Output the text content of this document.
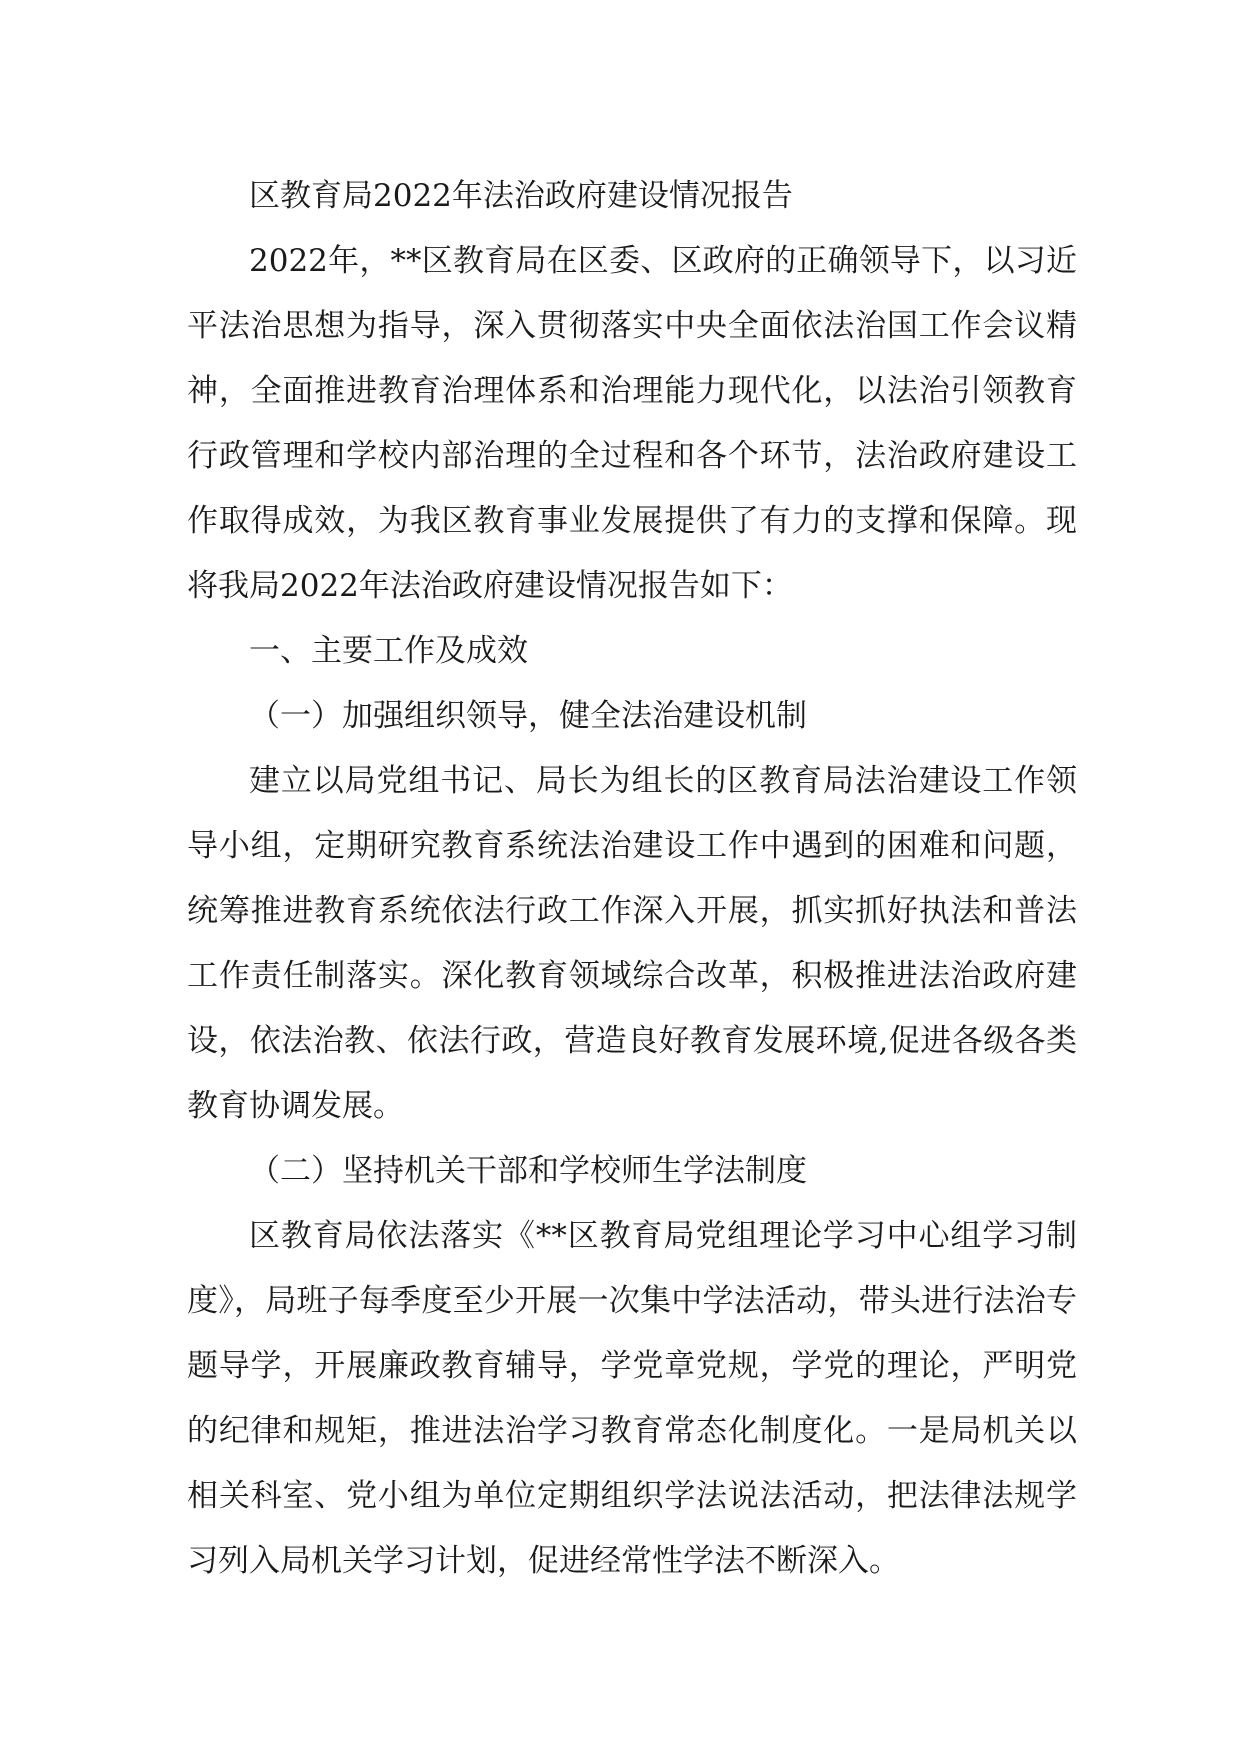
区教育局2022年法治政府建设情况报告

2022年，**区教育局在区委、区政府的正确领导下，以习近平法治思想为指导，深入贯彻落实中央全面依法治国工作会议精神，全面推进教育治理体系和治理能力现代化，以法治引领教育行政管理和学校内部治理的全过程和各个环节，法治政府建设工作取得成效，为我区教育事业发展提供了有力的支撑和保障。现将我局2022年法治政府建设情况报告如下：

一、主要工作及成效

（一）加强组织领导，健全法治建设机制

建立以局党组书记、局长为组长的区教育局法治建设工作领导小组，定期研究教育系统法治建设工作中遇到的困难和问题，统筹推进教育系统依法行政工作深入开展，抓实抓好执法和普法工作责任制落实。深化教育领域综合改革，积极推进法治政府建设，依法治教、依法行政，营造良好教育发展环境,促进各级各类教育协调发展。

（二）坚持机关干部和学校师生学法制度

区教育局依法落实《**区教育局党组理论学习中心组学习制度》，局班子每季度至少开展一次集中学法活动，带头进行法治专题导学，开展廉政教育辅导，学党章党规，学党的理论，严明党的纪律和规矩，推进法治学习教育常态化制度化。一是局机关以相关科室、党小组为单位定期组织学法说法活动，把法律法规学习列入局机关学习计划，促进经常性学法不断深入。
